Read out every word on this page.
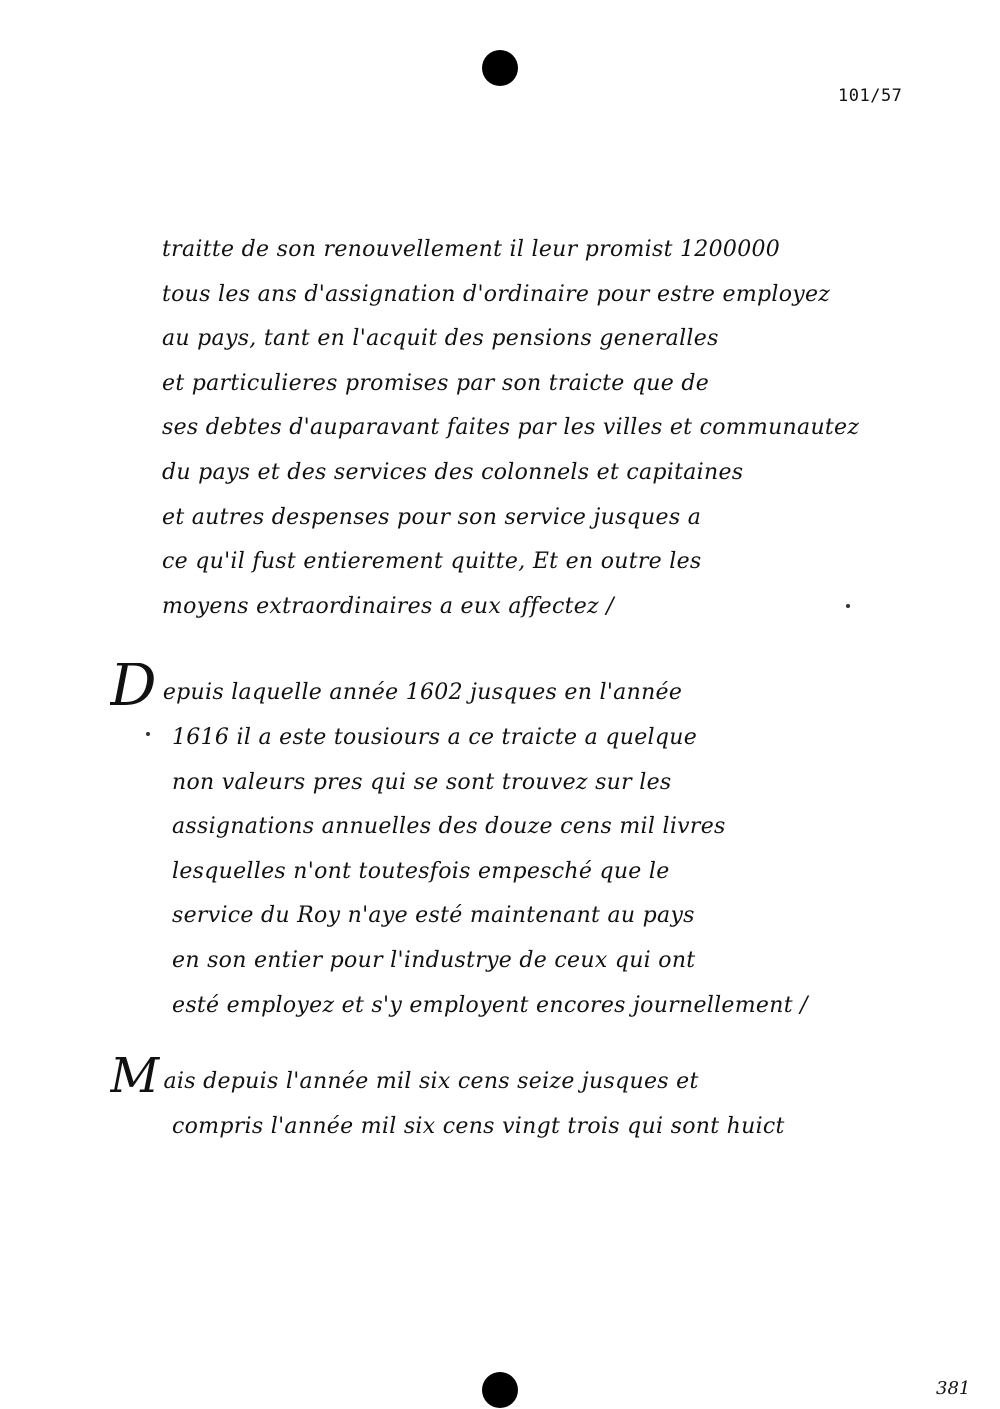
101/57

traitte de son renouvellement il leur promist 1200000
tous les ans d'assignation d'ordinaire pour estre employez
au pays, tant en l'acquit des pensions generalles
et particulieres promises par son traicte que de
ses debtes d'auparavant faites par les villes et communautez
du pays et des services des colonnels et capitaines
et autres despenses pour son service jusques a
ce qu'il fust entierement quitte, Et en outre les
moyens extraordinaires a eux affectez /

Depuis laquelle année 1602 jusques en l'année
1616 il a este tousiours a ce traicte a quelque
non valeurs pres qui se sont trouvez sur les
assignations annuelles des douze cens mil livres
lesquelles n'ont toutesfois empesché que le
service du Roy n'aye esté maintenant au pays
en son entier pour l'industrye de ceux qui ont
esté employez et s'y employent encores journellement /

Mais depuis l'année mil six cens seize jusques et
compris l'année mil six cens vingt trois qui sont huict

381
